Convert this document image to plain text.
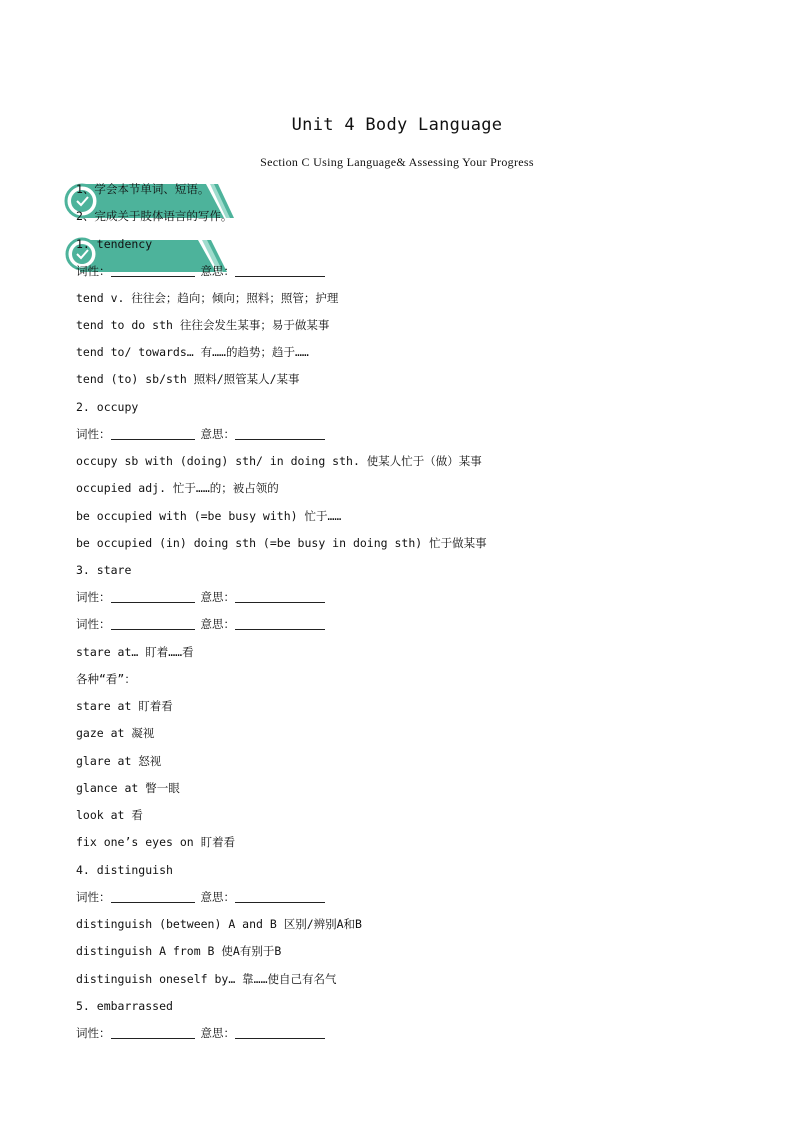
Unit 4 Body Language
Section C Using Language& Assessing Your Progress
1、学会本节单词、短语。
2、完成关于肢体语言的写作。
1. tendency
词性：	意思：
tend v. 往往会；趋向；倾向；照料；照管；护理
tend to do sth 往往会发生某事；易于做某事
tend to/ towards… 有……的趋势；趋于……
tend (to) sb/sth 照料/照管某人/某事
2. occupy
词性：	意思：
occupy sb with (doing) sth/ in doing sth. 使某人忙于（做）某事
occupied adj. 忙于……的；被占领的
be occupied with (=be busy with) 忙于……
be occupied (in) doing sth (=be busy in doing sth) 忙于做某事
3. stare
词性：	意思：
词性：	意思：
stare at… 盯着……看
各种“看”：
stare at 盯着看
gaze at 凝视
glare at 怒视
glance at 瞥一眼
look at 看
fix one’s eyes on 盯着看
4. distinguish
词性：	意思：
distinguish (between) A and B 区别/辨别A和B
distinguish A from B 使A有别于B
distinguish oneself by… 靠……使自己有名气
5. embarrassed
词性：	意思：
